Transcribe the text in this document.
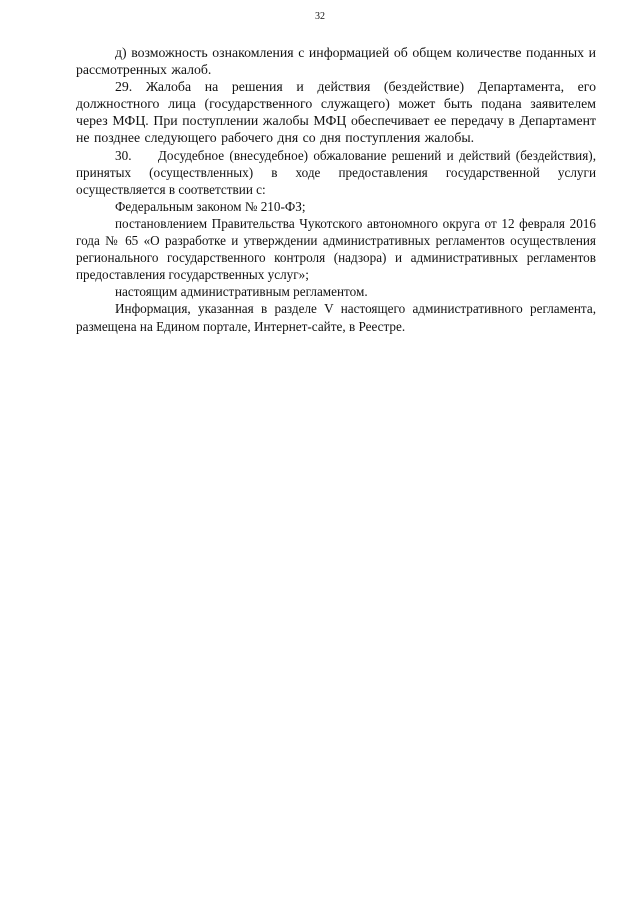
32

д) возможность ознакомления с информацией об общем количестве поданных и рассмотренных жалоб.

29. Жалоба на решения и действия (бездействие) Департамента, его должностного лица (государственного служащего) может быть подана заявителем через МФЦ. При поступлении жалобы МФЦ обеспечивает ее передачу в Департамент не позднее следующего рабочего дня со дня поступления жалобы.

30.     Досудебное (внесудебное) обжалование решений и действий (бездействия), принятых (осуществленных) в ходе предоставления государственной услуги осуществляется в соответствии с:

Федеральным законом № 210-ФЗ;

постановлением Правительства Чукотского автономного округа от 12 февраля 2016 года № 65 «О разработке и утверждении административных регламентов осуществления регионального государственного контроля (надзора) и административных регламентов предоставления государственных услуг»;

настоящим административным регламентом.

Информация, указанная в разделе V настоящего административного регламента, размещена на Едином портале, Интернет-сайте, в Реестре.
